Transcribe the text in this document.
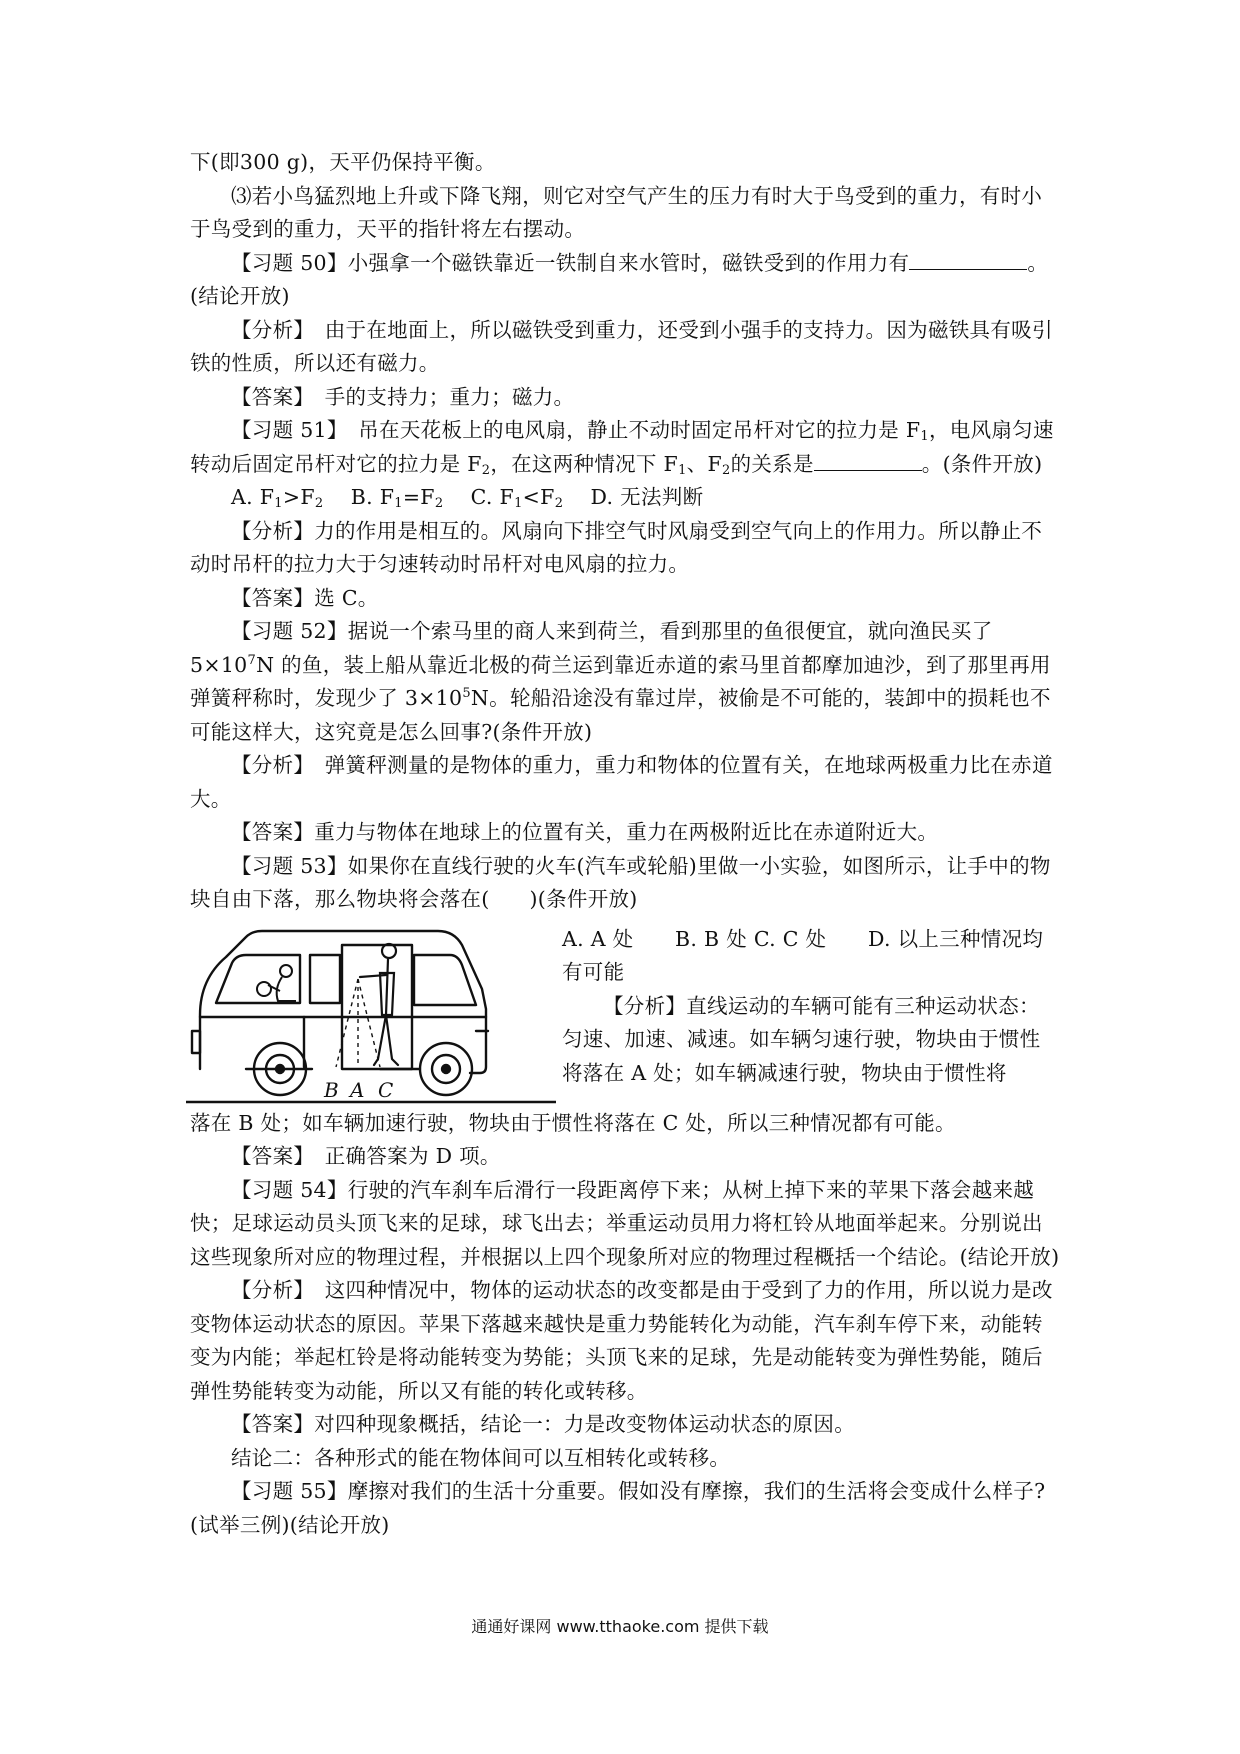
下(即300 g)，天平仍保持平衡。

⑶若小鸟猛烈地上升或下降飞翔，则它对空气产生的压力有时大于鸟受到的重力，有时小于鸟受到的重力，天平的指针将左右摆动。

【习题 50】小强拿一个磁铁靠近一铁制自来水管时，磁铁受到的作用力有	。(结论开放)

【分析】　由于在地面上，所以磁铁受到重力，还受到小强手的支持力。因为磁铁具有吸引铁的性质，所以还有磁力。

【答案】　手的支持力；重力；磁力。

【习题 51】　吊在天花板上的电风扇，静止不动时固定吊杆对它的拉力是 $F_1$，电风扇匀速转动后固定吊杆对它的拉力是 $F_2$，在这两种情况下 $F_1$、$F_2$的关系是	。(条件开放)

A. $F_1>F_2$    B. $F_1=F_2$    C. $F_1<F_2$    D. 无法判断

【分析】力的作用是相互的。风扇向下排空气时风扇受到空气向上的作用力。所以静止不动时吊杆的拉力大于匀速转动时吊杆对电风扇的拉力。

【答案】选 C。

【习题 52】据说一个索马里的商人来到荷兰，看到那里的鱼很便宜，就向渔民买了 $5\times 10^7N$ 的鱼，装上船从靠近北极的荷兰运到靠近赤道的索马里首都摩加迪沙，到了那里再用弹簧秤称时，发现少了 $3\times 10^5N$。轮船沿途没有靠过岸，被偷是不可能的，装卸中的损耗也不可能这样大，这究竟是怎么回事?(条件开放)

【分析】　弹簧秤测量的是物体的重力，重力和物体的位置有关，在地球两极重力比在赤道大。

【答案】重力与物体在地球上的位置有关，重力在两极附近比在赤道附近大。

【习题 53】如果你在直线行驶的火车(汽车或轮船)里做一小实验，如图所示，让手中的物块自由下落，那么物块将会落在( )(条件开放)

B A C

A. A 处　　B. B 处 C. C 处　　D. 以上三种情况均有可能

【分析】直线运动的车辆可能有三种运动状态：匀速、加速、减速。如车辆匀速行驶，物块由于惯性将落在 A 处；如车辆减速行驶，物块由于惯性将

落在 B 处；如车辆加速行驶，物块由于惯性将落在 C 处，所以三种情况都有可能。

【答案】　正确答案为 D 项。

【习题 54】行驶的汽车刹车后滑行一段距离停下来；从树上掉下来的苹果下落会越来越快；足球运动员头顶飞来的足球，球飞出去；举重运动员用力将杠铃从地面举起来。分别说出这些现象所对应的物理过程，并根据以上四个现象所对应的物理过程概括一个结论。(结论开放)

【分析】　这四种情况中，物体的运动状态的改变都是由于受到了力的作用，所以说力是改变物体运动状态的原因。苹果下落越来越快是重力势能转化为动能，汽车刹车停下来，动能转变为内能；举起杠铃是将动能转变为势能；头顶飞来的足球，先是动能转变为弹性势能，随后弹性势能转变为动能，所以又有能的转化或转移。

【答案】对四种现象概括，结论一：力是改变物体运动状态的原因。

结论二：各种形式的能在物体间可以互相转化或转移。

【习题 55】摩擦对我们的生活十分重要。假如没有摩擦，我们的生活将会变成什么样子?(试举三例)(结论开放)

通通好课网 www.tthaoke.com 提供下载
